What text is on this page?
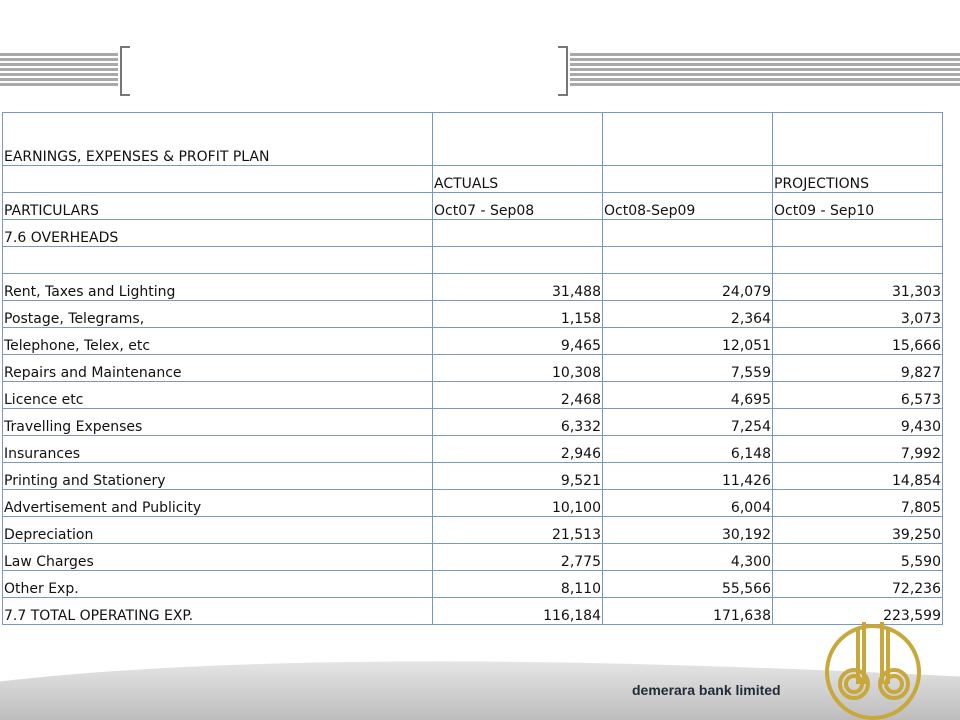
EARNINGS, EXPENSES & PROFIT PLAN			
	ACTUALS		PROJECTIONS
PARTICULARS	Oct07 - Sep08	Oct08-Sep09	Oct09 - Sep10
7.6 OVERHEADS			

Rent, Taxes and Lighting	31,488	24,079	31,303
Postage, Telegrams,	1,158	2,364	3,073
Telephone, Telex, etc	9,465	12,051	15,666
Repairs and Maintenance	10,308	7,559	9,827
Licence etc	2,468	4,695	6,573
Travelling Expenses	6,332	7,254	9,430
Insurances	2,946	6,148	7,992
Printing and Stationery	9,521	11,426	14,854
Advertisement and Publicity	10,100	6,004	7,805
Depreciation	21,513	30,192	39,250
Law Charges	2,775	4,300	5,590
Other Exp.	8,110	55,566	72,236
7.7 TOTAL OPERATING EXP.	116,184	171,638	223,599
demerara bank limited
